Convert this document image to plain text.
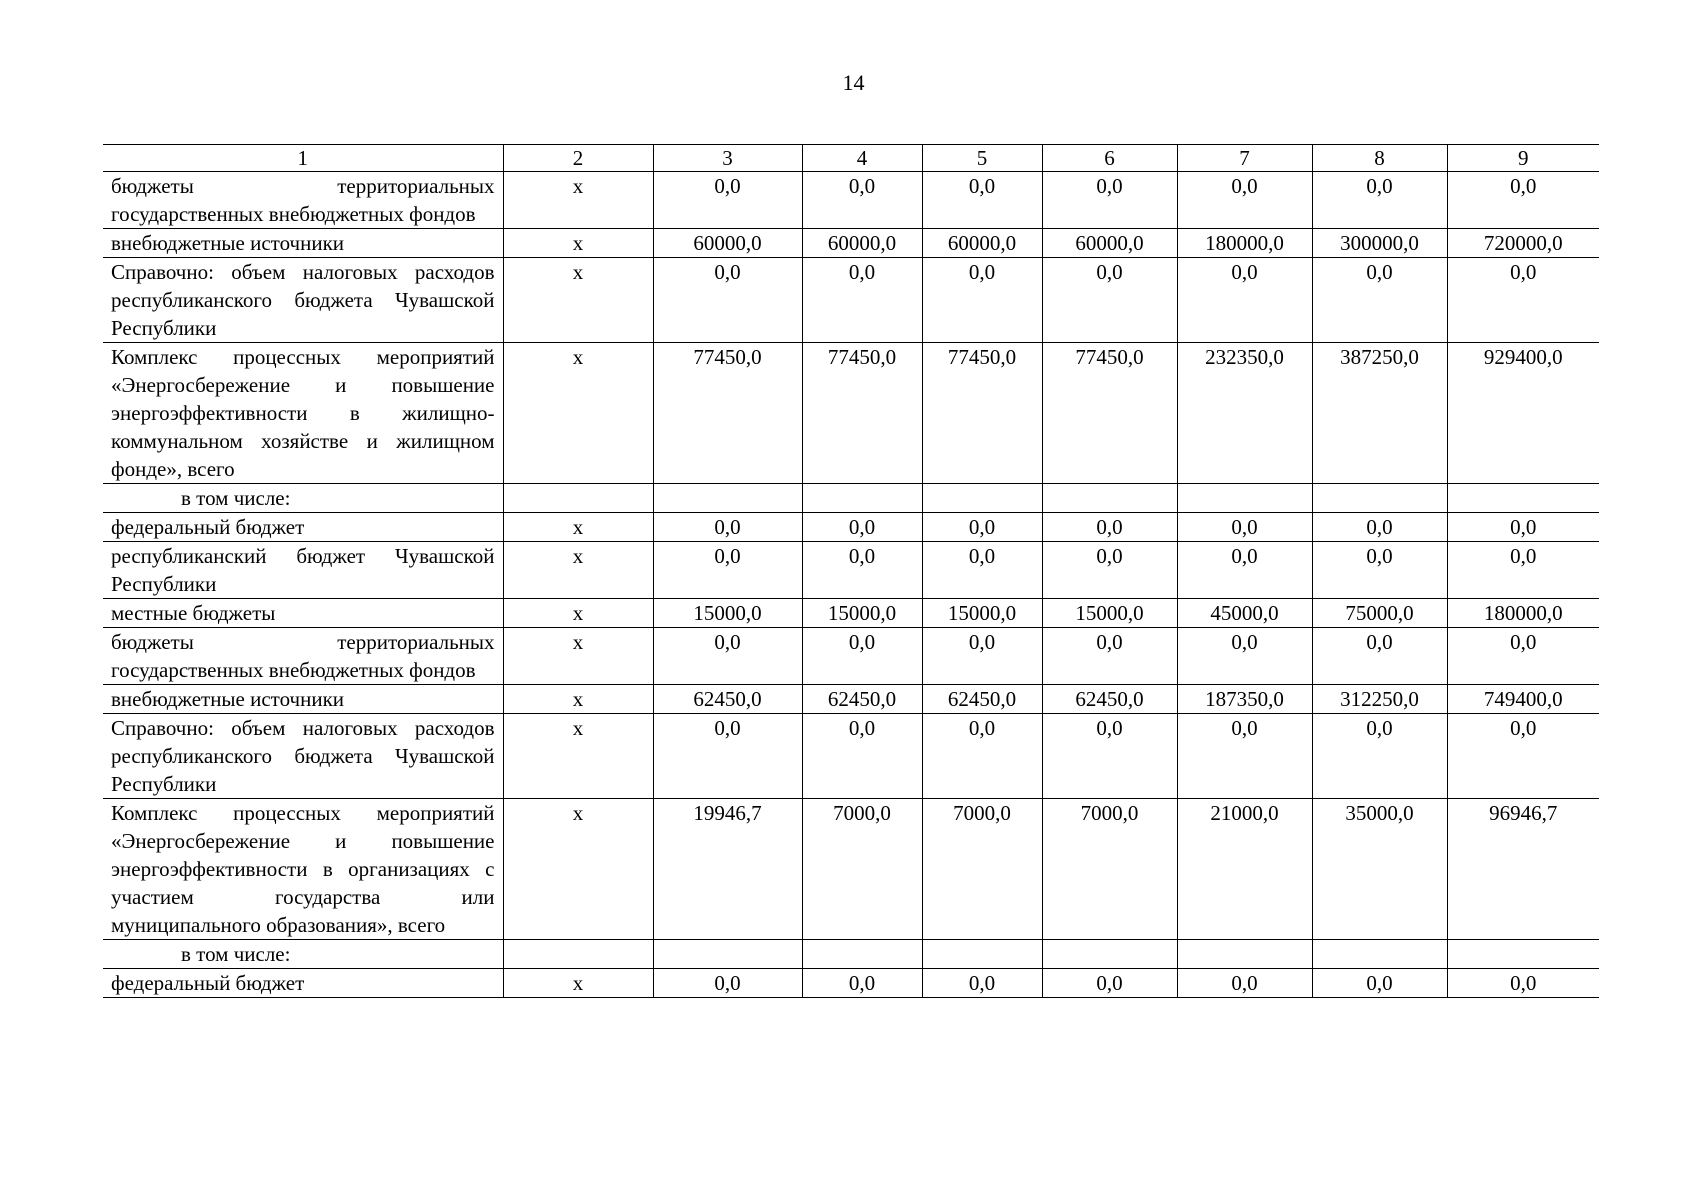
14
1	2	3	4	5	6	7	8	9
бюджеты территориальных государственных внебюджетных фондов	х	0,0	0,0	0,0	0,0	0,0	0,0	0,0
внебюджетные источники	х	60000,0	60000,0	60000,0	60000,0	180000,0	300000,0	720000,0
Справочно: объем налоговых расходов республиканского бюджета Чувашской Республики	х	0,0	0,0	0,0	0,0	0,0	0,0	0,0
Комплекс процессных мероприятий «Энергосбережение и повышение энергоэффективности в жилищно-коммунальном хозяйстве и жилищном фонде», всего	х	77450,0	77450,0	77450,0	77450,0	232350,0	387250,0	929400,0
в том числе:								
федеральный бюджет	х	0,0	0,0	0,0	0,0	0,0	0,0	0,0
республиканский бюджет Чувашской Республики	х	0,0	0,0	0,0	0,0	0,0	0,0	0,0
местные бюджеты	х	15000,0	15000,0	15000,0	15000,0	45000,0	75000,0	180000,0
бюджеты территориальных государственных внебюджетных фондов	х	0,0	0,0	0,0	0,0	0,0	0,0	0,0
внебюджетные источники	х	62450,0	62450,0	62450,0	62450,0	187350,0	312250,0	749400,0
Справочно: объем налоговых расходов республиканского бюджета Чувашской Республики	х	0,0	0,0	0,0	0,0	0,0	0,0	0,0
Комплекс процессных мероприятий «Энергосбережение и повышение энергоэффективности в организациях с участием государства или муниципального образования», всего	х	19946,7	7000,0	7000,0	7000,0	21000,0	35000,0	96946,7
в том числе:								
федеральный бюджет	х	0,0	0,0	0,0	0,0	0,0	0,0	0,0
